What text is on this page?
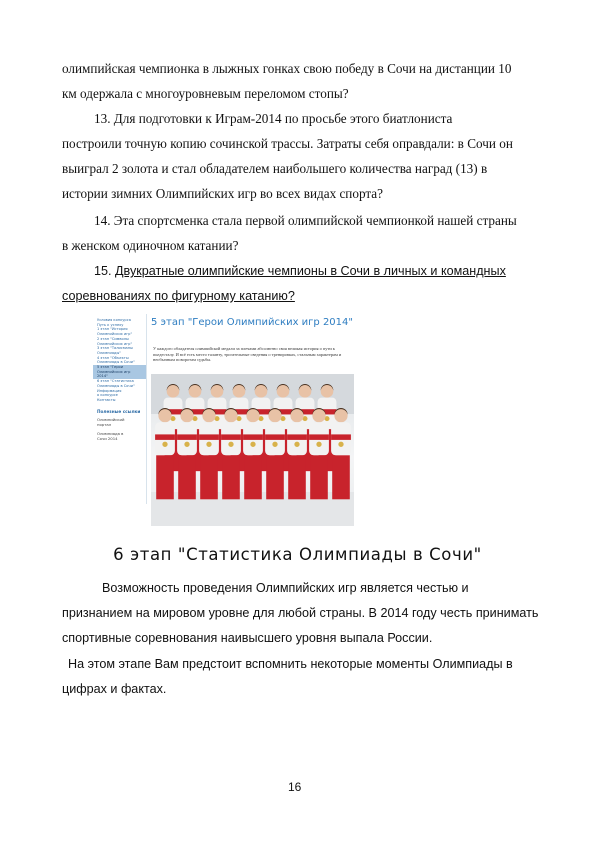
олимпийская чемпионка в лыжных гонках свою победу в Сочи на дистанции 10

км одержала с многоуровневым переломом стопы?

13. Для подготовки к Играм-2014 по просьбе этого биатлониста

построили точную копию сочинской трассы. Затраты себя оправдали: в Сочи он

выиграл 2 золота и стал обладателем наибольшего количества наград (13) в

истории зимних Олимпийских игр во всех видах спорта?

14. Эта спортсменка стала первой олимпийской чемпионкой нашей страны

в женском одиночном катании?

15. Двукратные олимпийские чемпионы в Сочи в личных и командных

соревнованиях по фигурному катанию?

Условия конкурса
Путь к успеху
1 этап "История
Олимпийских игр"
2 этап "Символы
Олимпийских игр"
3 этап "Талисманы
Олимпиады"
4 этап "Объекты
Олимпиады в Сочи"
5 этап "Герои
Олимпийских игр
2014"
6 этап "Статистика
Олимпиады в Сочи"
Информация
о конкурсе
Контакты
Полезные ссылки
Олимпийский
портал
Олимпиада в
Сочи 2014
5 этап "Герои Олимпийских игр 2014"
У каждого обладателя олимпийской медали за плечами абсолютно своя великая история о пути к пьедесталу. И всё есть место таланту, трогательные сведения о тренировках, стальным характерам и необычным поворотам судьбы.
6 этап "Статистика Олимпиады в Сочи"

Возможность проведения Олимпийских игр является честью и

признанием на мировом уровне для любой страны. В 2014 году честь принимать

спортивные соревнования наивысшего уровня выпала России.

На этом этапе Вам предстоит вспомнить некоторые моменты Олимпиады в

цифрах и фактах.

16
